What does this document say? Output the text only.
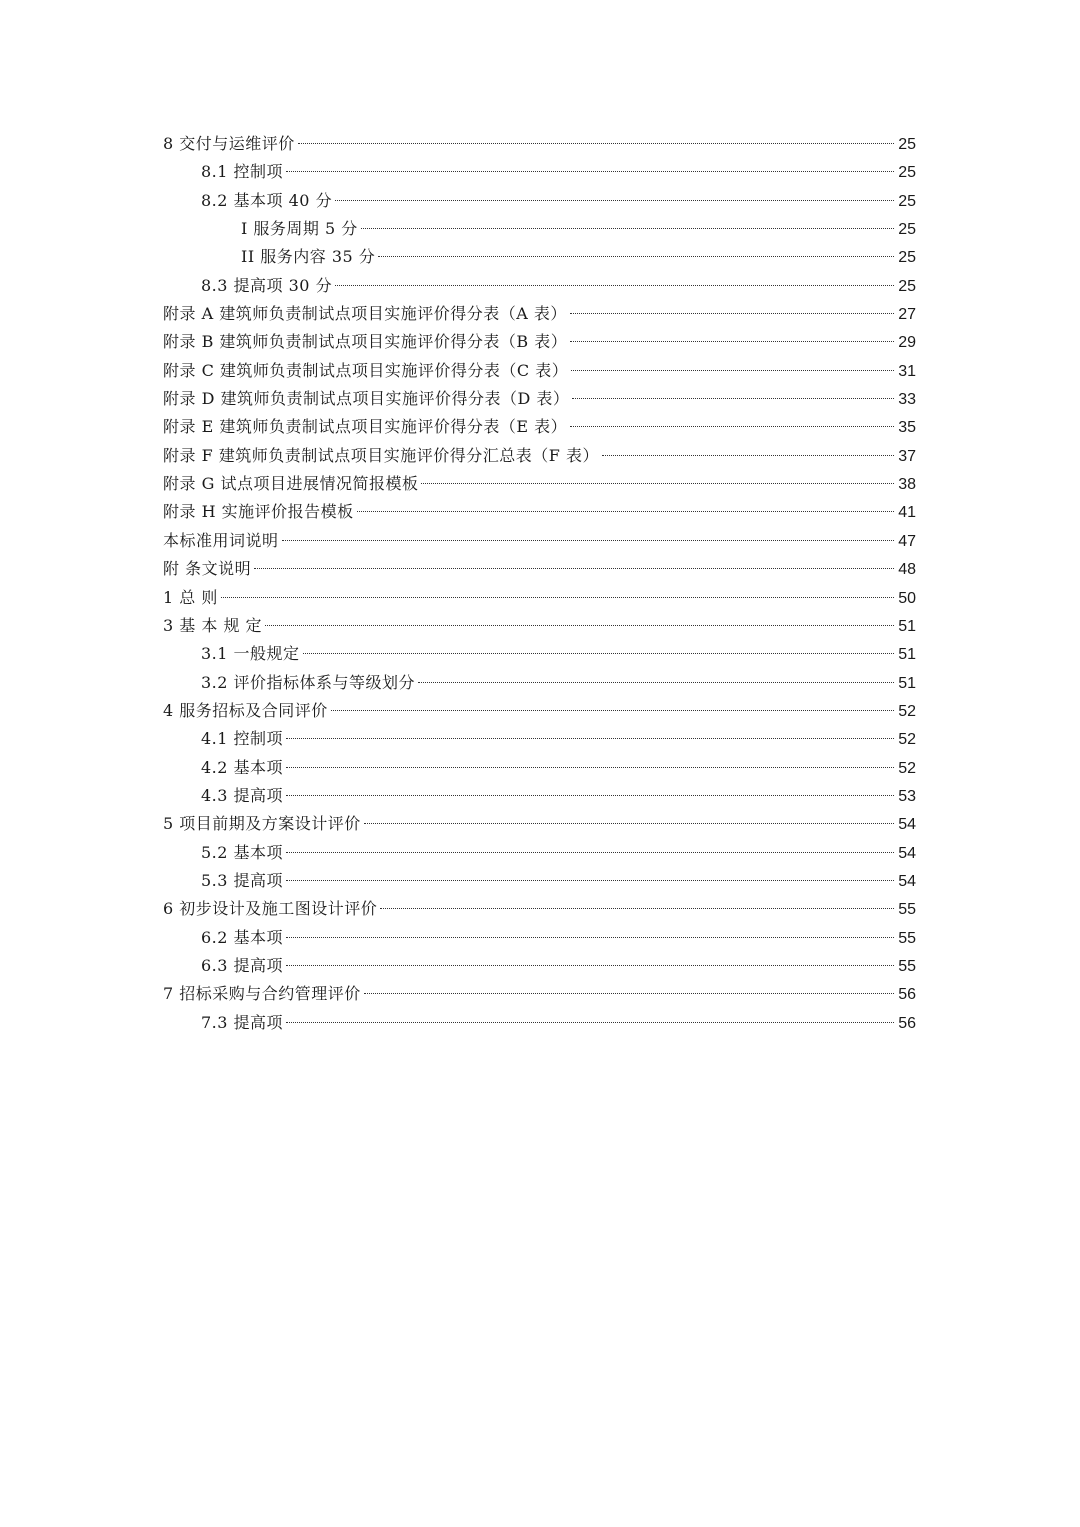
8 交付与运维评价	25
8.1 控制项	25
8.2 基本项 40 分	25
I 服务周期 5 分	25
II 服务内容 35 分	25
8.3 提高项 30 分	25
附录 A 建筑师负责制试点项目实施评价得分表（A 表）	27
附录 B 建筑师负责制试点项目实施评价得分表（B 表）	29
附录 C 建筑师负责制试点项目实施评价得分表（C 表）	31
附录 D 建筑师负责制试点项目实施评价得分表（D 表）	33
附录 E 建筑师负责制试点项目实施评价得分表（E 表）	35
附录 F 建筑师负责制试点项目实施评价得分汇总表（F 表）	37
附录 G 试点项目进展情况简报模板	38
附录 H 实施评价报告模板	41
本标准用词说明	47
附 条文说明	48
1 总 则	50
3 基 本 规 定	51
3.1 一般规定	51
3.2 评价指标体系与等级划分	51
4 服务招标及合同评价	52
4.1 控制项	52
4.2 基本项	52
4.3 提高项	53
5 项目前期及方案设计评价	54
5.2 基本项	54
5.3 提高项	54
6 初步设计及施工图设计评价	55
6.2 基本项	55
6.3 提高项	55
7 招标采购与合约管理评价	56
7.3 提高项	56
